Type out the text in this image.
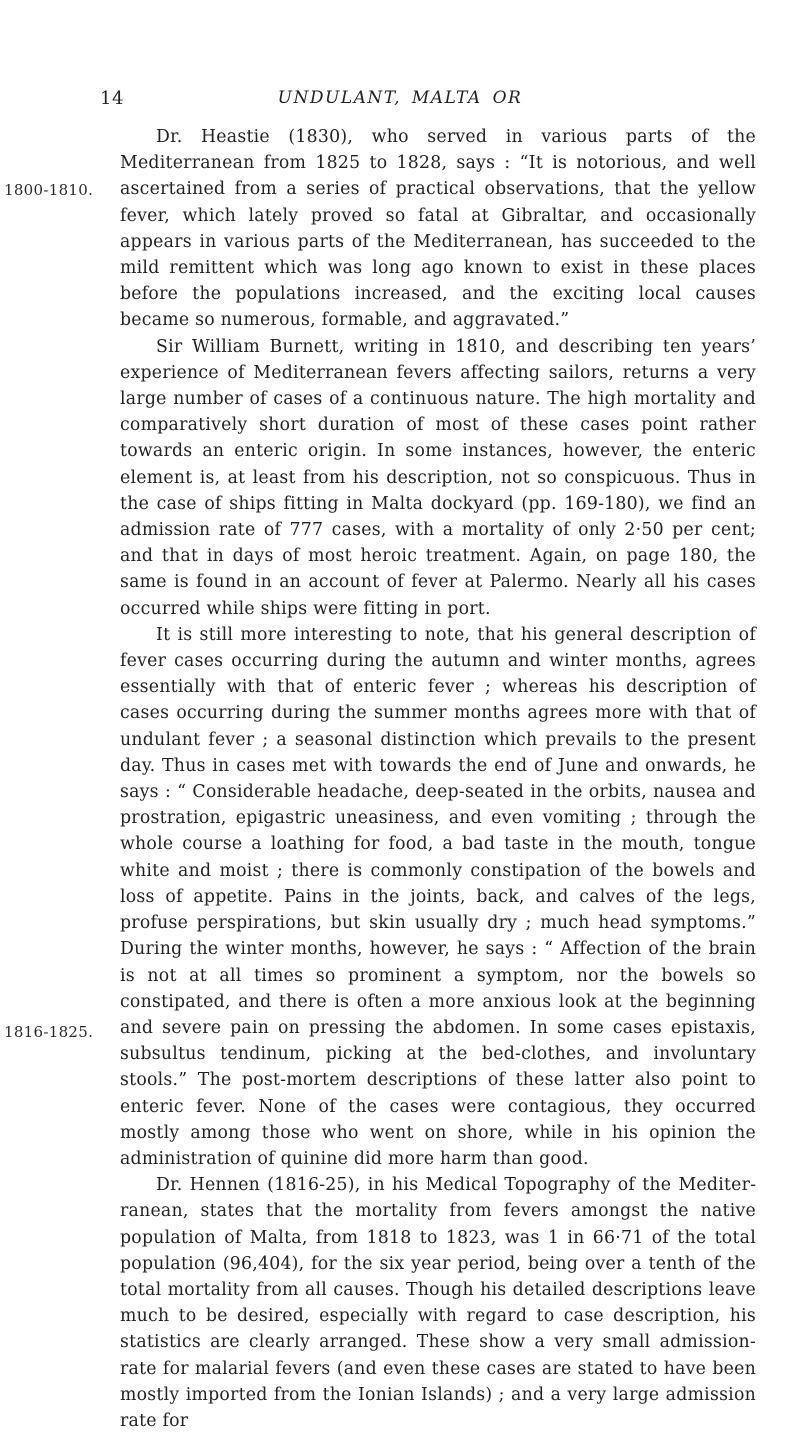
14	UNDULANT, MALTA OR
1800-1810.
1816-1825.

Dr. Heastie (1830), who served in various parts of the Mediterranean from 1825 to 1828, says : “It is notorious, and well ascertained from a series of practical observations, that the yellow fever, which lately proved so fatal at Gibraltar, and occasionally appears in various parts of the Mediterranean, has succeeded to the mild remittent which was long ago known to exist in these places before the populations increased, and the exciting local causes became so numerous, formable, and aggravated.”

Sir William Burnett, writing in 1810, and describing ten years’ experience of Mediterranean fevers affecting sailors, returns a very large number of cases of a continuous nature. The high mortality and comparatively short duration of most of these cases point rather towards an enteric origin. In some instances, however, the enteric element is, at least from his description, not so conspicuous. Thus in the case of ships fitting in Malta dockyard (pp. 169-180), we find an admission rate of 777 cases, with a mortality of only 2·50 per cent; and that in days of most heroic treatment. Again, on page 180, the same is found in an account of fever at Palermo. Nearly all his cases occurred while ships were fitting in port.

It is still more interesting to note, that his general description of fever cases occurring during the autumn and winter months, agrees essentially with that of enteric fever ; whereas his description of cases occurring during the summer months agrees more with that of undulant fever ; a seasonal distinction which prevails to the present day. Thus in cases met with towards the end of June and onwards, he says : “ Considerable headache, deep-seated in the orbits, nausea and prostration, epigastric uneasiness, and even vomiting ; through the whole course a loathing for food, a bad taste in the mouth, tongue white and moist ; there is commonly constipation of the bowels and loss of appetite. Pains in the joints, back, and calves of the legs, profuse perspirations, but skin usually dry ; much head symptoms.” During the winter months, however, he says : “ Affection of the brain is not at all times so prominent a symptom, nor the bowels so constipated, and there is often a more anxious look at the beginning and severe pain on pressing the abdomen. In some cases epistaxis, subsultus tendinum, picking at the bed-clothes, and involuntary stools.” The post-mortem descriptions of these latter also point to enteric fever. None of the cases were contagious, they occurred mostly among those who went on shore, while in his opinion the administration of quinine did more harm than good.

Dr. Hennen (1816-25), in his Medical Topography of the Mediterranean, states that the mortality from fevers amongst the native population of Malta, from 1818 to 1823, was 1 in 66·71 of the total population (96,404), for the six year period, being over a tenth of the total mortality from all causes. Though his detailed descriptions leave much to be desired, especially with regard to case description, his statistics are clearly arranged. These show a very small admission-rate for malarial fevers (and even these cases are stated to have been mostly imported from the Ionian Islands) ; and a very large admission rate for
